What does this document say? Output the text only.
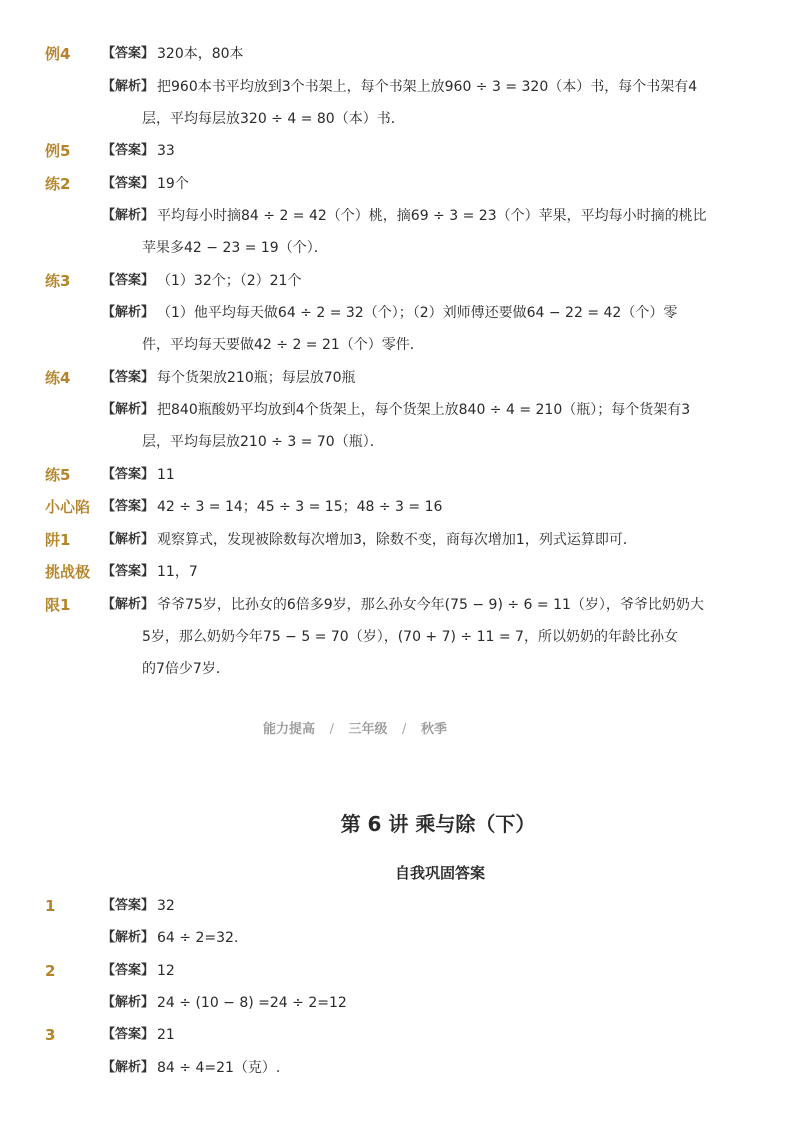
例4 【答案】 320本，80本
【解析】 把960本书平均放到3个书架上，每个书架上放960 ÷ 3 = 320（本）书，每个书架有4
层，平均每层放320 ÷ 4 = 80（本）书．
例5 【答案】 33
练2 【答案】 19个
【解析】 平均每小时摘84 ÷ 2 = 42（个）桃，摘69 ÷ 3 = 23（个）苹果，平均每小时摘的桃比
苹果多42 − 23 = 19（个）．
练3 【答案】 （1）32个；（2）21个
【解析】 （1）他平均每天做64 ÷ 2 = 32（个）；（2）刘师傅还要做64 − 22 = 42（个）零
件，平均每天要做42 ÷ 2 = 21（个）零件．
练4 【答案】 每个货架放210瓶；每层放70瓶
【解析】 把840瓶酸奶平均放到4个货架上，每个货架上放840 ÷ 4 = 210（瓶）；每个货架有3
层，平均每层放210 ÷ 3 = 70（瓶）．
练5 【答案】 11
小心陷 【答案】 42 ÷ 3 = 14；45 ÷ 3 = 15；48 ÷ 3 = 16
阱1 【解析】 观察算式，发现被除数每次增加3，除数不变，商每次增加1，列式运算即可．
挑战极 【答案】 11，7
限1 【解析】 爷爷75岁，比孙女的6倍多9岁，那么孙女今年(75 − 9) ÷ 6 = 11（岁），爷爷比奶奶大
5岁，那么奶奶今年75 − 5 = 70（岁），(70 + 7) ÷ 11 = 7，所以奶奶的年龄比孙女
的7倍少7岁．
能力提高 / 三年级 / 秋季
第 6 讲 乘与除（下）
自我巩固答案
1	【答案】 32
【解析】 64 ÷ 2=32.
2	【答案】 12
【解析】 24 ÷ (10 − 8) =24 ÷ 2=12
3	【答案】 21
【解析】 84 ÷ 4=21（克）.
